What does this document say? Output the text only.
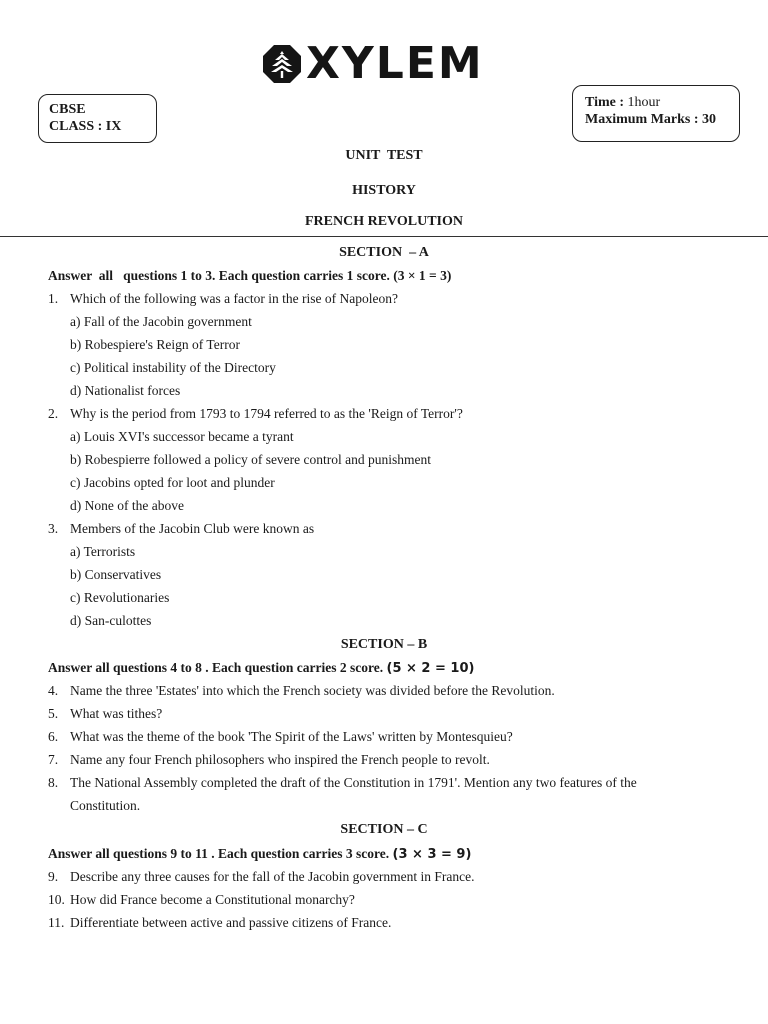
XYLEM
CBSE
CLASS : IX
Time : 1hour
Maximum Marks : 30
UNIT  TEST
HISTORY
FRENCH REVOLUTION
SECTION  – A
Answer  all   questions 1 to 3. Each question carries 1 score. (3 × 1 = 3)
1. Which of the following was a factor in the rise of Napoleon?
a) Fall of the Jacobin government
b) Robespiere's Reign of Terror
c) Political instability of the Directory
d) Nationalist forces
2. Why is the period from 1793 to 1794 referred to as the 'Reign of Terror'?
a) Louis XVI's successor became a tyrant
b) Robespierre followed a policy of severe control and punishment
c) Jacobins opted for loot and plunder
d) None of the above
3. Members of the Jacobin Club were known as
a) Terrorists
b) Conservatives
c) Revolutionaries
d) San-culottes
SECTION – B
Answer all questions 4 to 8 . Each question carries 2 score. (5 × 2 = 10)
4. Name the three 'Estates' into which the French society was divided before the Revolution.
5. What was tithes?
6. What was the theme of the book 'The Spirit of the Laws' written by Montesquieu?
7. Name any four French philosophers who inspired the French people to revolt.
8. The National Assembly completed the draft of the Constitution in 1791'. Mention any two features of the
Constitution.
SECTION – C
Answer all questions 9 to 11 . Each question carries 3 score. (3 × 3 = 9)
9. Describe any three causes for the fall of the Jacobin government in France.
10. How did France become a Constitutional monarchy?
11. Differentiate between active and passive citizens of France.
